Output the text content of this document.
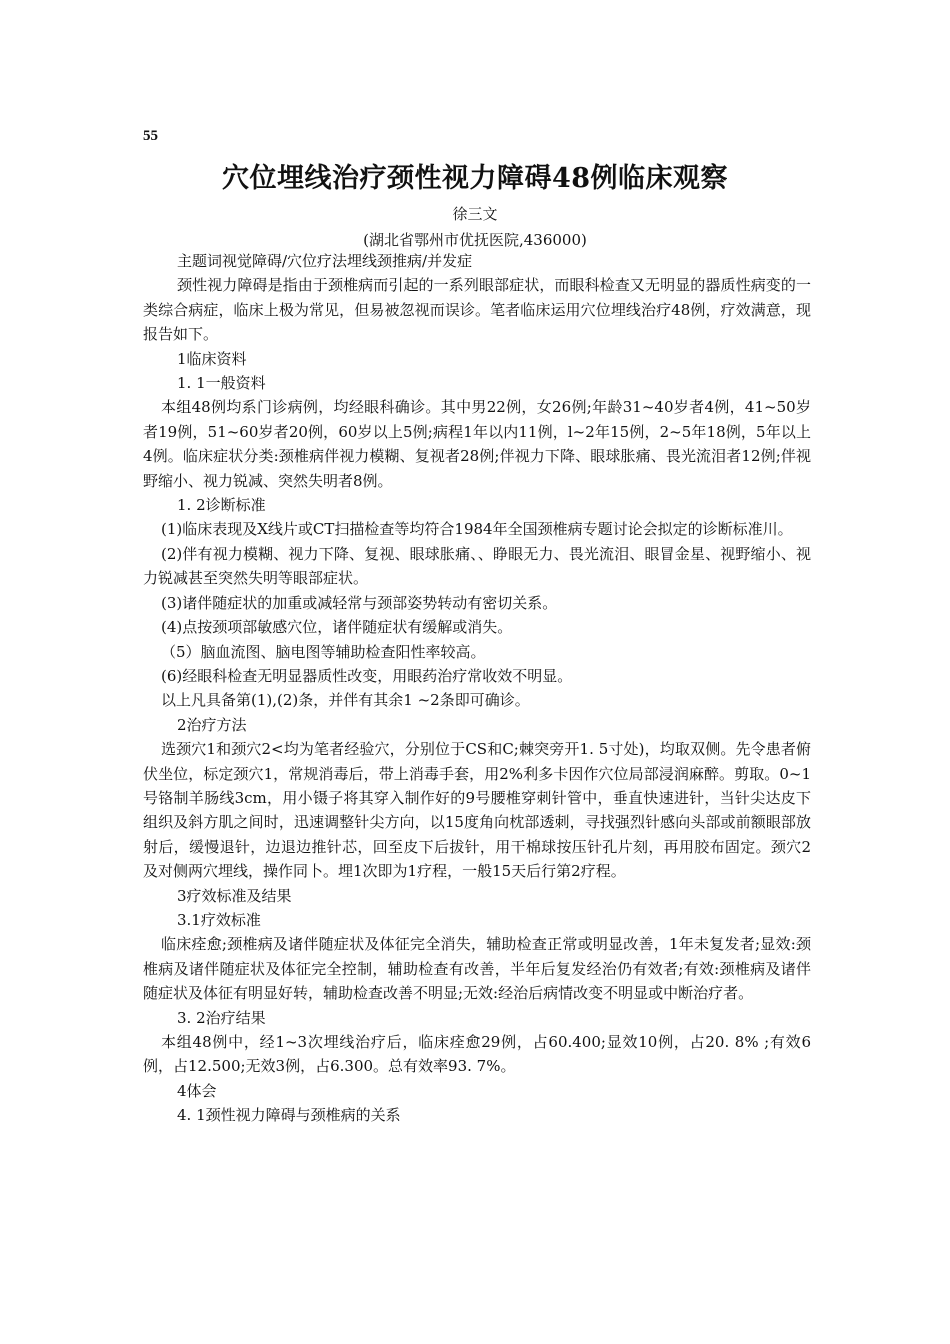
55
穴位埋线治疗颈性视力障碍48例临床观察
徐三文
(湖北省鄂州市优抚医院,436000)

主题词视觉障碍/穴位疗法埋线颈推病/并发症

颈性视力障碍是指由于颈椎病而引起的一系列眼部症状，而眼科检查又无明显的器质性病变的一类综合病症，临床上极为常见，但易被忽视而误诊。笔者临床运用穴位埋线治疗48例，疗效满意，现报告如下。

1临床资料

1. 1一般资料

本组48例均系门诊病例，均经眼科确诊。其中男22例，女26例;年龄31~40岁者4例，41~50岁者19例，51~60岁者20例，60岁以上5例;病程1年以内11例，l~2年15例，2~5年18例，5年以上4例。临床症状分类:颈椎病伴视力模糊、复视者28例;伴视力下降、眼球胀痛、畏光流泪者12例;伴视野缩小、视力锐减、突然失明者8例。

1. 2诊断标准

(1)临床表现及X线片或CT扫描检查等均符合1984年全国颈椎病专题讨论会拟定的诊断标准川。

(2)伴有视力模糊、视力下降、复视、眼球胀痛、、睁眼无力、畏光流泪、眼冒金星、视野缩小、视力锐减甚至突然失明等眼部症状。

(3)诸伴随症状的加重或减轻常与颈部姿势转动有密切关系。

(4)点按颈项部敏感穴位，诸伴随症状有缓解或消失。

（5）脑血流图、脑电图等辅助检查阳性率较高。

(6)经眼科检查无明显器质性改变，用眼药治疗常收效不明显。

以上凡具备第(1),(2)条，并伴有其余1 ~2条即可确诊。

2治疗方法

选颈穴1和颈穴2<均为笔者经验穴，分别位于CS和C;棘突旁开1. 5寸处)，均取双侧。先令患者俯伏坐位，标定颈穴1，常规消毒后，带上消毒手套，用2%利多卡因作穴位局部浸润麻醉。剪取。0~1号铬制羊肠线3cm，用小镊子将其穿入制作好的9号腰椎穿刺针管中，垂直快速进针，当针尖达皮下组织及斜方肌之间时，迅速调整针尖方向，以15度角向枕部透刺，寻找强烈针感向头部或前额眼部放射后，缓慢退针，边退边推针芯，回至皮下后拔针，用干棉球按压针孔片刻，再用胶布固定。颈穴2及对侧两穴埋线，操作同卜。埋1次即为1疗程，一般15天后行第2疗程。

3疗效标准及结果

3.1疗效标准

临床痊愈;颈椎病及诸伴随症状及体征完全消失，辅助检查正常或明显改善，1年未复发者;显效:颈椎病及诸伴随症状及体征完全控制，辅助检查有改善，半年后复发经治仍有效者;有效:颈椎病及诸伴随症状及体征有明显好转，辅助检查改善不明显;无效:经治后病情改变不明显或中断治疗者。

3. 2治疗结果

本组48例中，经1~3次埋线治疗后，临床痊愈29例，占60.400;显效10例，占20. 8% ;有效6例，占12.500;无效3例，占6.300。总有效率93. 7%。

4体会

4. 1颈性视力障碍与颈椎病的关系
